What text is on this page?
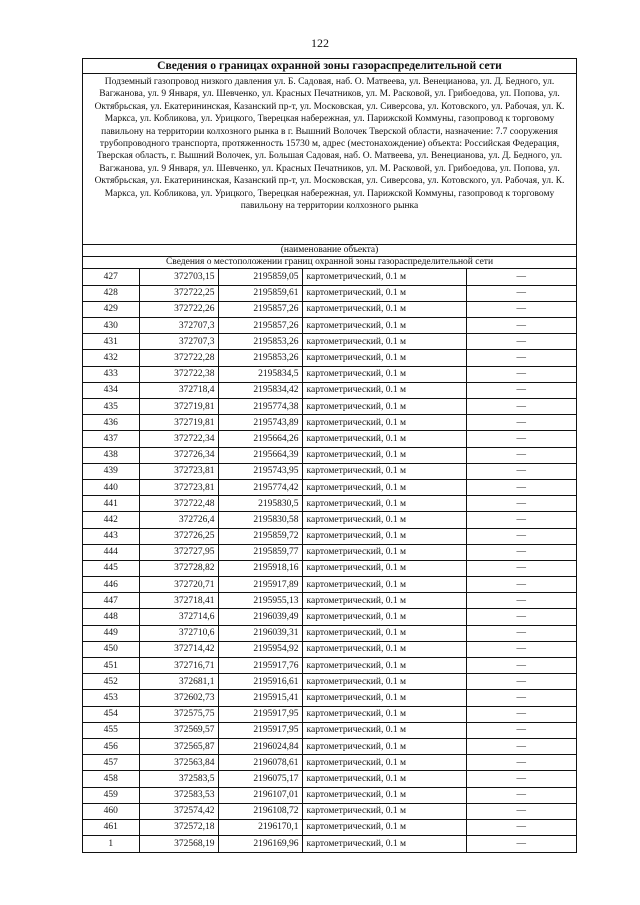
122
Сведения о границах охранной зоны газораспределительной сети
Подземный газопровод низкого давления ул. Б. Садовая, наб. О. Матвеева, ул. Венецианова, ул. Д. Бедного, ул. Вагжанова, ул. 9 Января, ул. Шевченко, ул. Красных Печатников, ул. М. Расковой, ул. Грибоедова, ул. Попова, ул. Октябрьская, ул. Екатерининская, Казанский пр-т, ул. Московская, ул. Сиверсова, ул. Котовского, ул. Рабочая, ул. К. Маркса, ул. Кобликова, ул. Урицкого, Тверецкая набережная, ул. Парижской Коммуны, газопровод к торговому павильону на территории колхозного рынка в г. Вышний Волочек Тверской области, назначение: 7.7 сооружения трубопроводного транспорта, протяженность 15730 м, адрес (местонахождение) объекта: Российская Федерация, Тверская область, г. Вышний Волочек, ул. Большая Садовая, наб. О. Матвеева, ул. Венецианова, ул. Д. Бедного, ул. Вагжанова, ул. 9 Января, ул. Шевченко, ул. Красных Печатников, ул. М. Расковой, ул. Грибоедова, ул. Попова, ул. Октябрьская, ул. Екатерининская, Казанский пр-т, ул. Московская, ул. Сиверсова, ул. Котовского, ул. Рабочая, ул. К. Маркса, ул. Кобликова, ул. Урицкого, Тверецкая набережная, ул. Парижской Коммуны, газопровод к торговому павильону на территории колхозного рынка
(наименование объекта)
Сведения о местоположении границ охранной зоны газораспределительной сети
427	372703,15	2195859,05	картометрический, 0.1 м	—
428	372722,25	2195859,61	картометрический, 0.1 м	—
429	372722,26	2195857,26	картометрический, 0.1 м	—
430	372707,3	2195857,26	картометрический, 0.1 м	—
431	372707,3	2195853,26	картометрический, 0.1 м	—
432	372722,28	2195853,26	картометрический, 0.1 м	—
433	372722,38	2195834,5	картометрический, 0.1 м	—
434	372718,4	2195834,42	картометрический, 0.1 м	—
435	372719,81	2195774,38	картометрический, 0.1 м	—
436	372719,81	2195743,89	картометрический, 0.1 м	—
437	372722,34	2195664,26	картометрический, 0.1 м	—
438	372726,34	2195664,39	картометрический, 0.1 м	—
439	372723,81	2195743,95	картометрический, 0.1 м	—
440	372723,81	2195774,42	картометрический, 0.1 м	—
441	372722,48	2195830,5	картометрический, 0.1 м	—
442	372726,4	2195830,58	картометрический, 0.1 м	—
443	372726,25	2195859,72	картометрический, 0.1 м	—
444	372727,95	2195859,77	картометрический, 0.1 м	—
445	372728,82	2195918,16	картометрический, 0.1 м	—
446	372720,71	2195917,89	картометрический, 0.1 м	—
447	372718,41	2195955,13	картометрический, 0.1 м	—
448	372714,6	2196039,49	картометрический, 0.1 м	—
449	372710,6	2196039,31	картометрический, 0.1 м	—
450	372714,42	2195954,92	картометрический, 0.1 м	—
451	372716,71	2195917,76	картометрический, 0.1 м	—
452	372681,1	2195916,61	картометрический, 0.1 м	—
453	372602,73	2195915,41	картометрический, 0.1 м	—
454	372575,75	2195917,95	картометрический, 0.1 м	—
455	372569,57	2195917,95	картометрический, 0.1 м	—
456	372565,87	2196024,84	картометрический, 0.1 м	—
457	372563,84	2196078,61	картометрический, 0.1 м	—
458	372583,5	2196075,17	картометрический, 0.1 м	—
459	372583,53	2196107,01	картометрический, 0.1 м	—
460	372574,42	2196108,72	картометрический, 0.1 м	—
461	372572,18	2196170,1	картометрический, 0.1 м	—
1	372568,19	2196169,96	картометрический, 0.1 м	—
